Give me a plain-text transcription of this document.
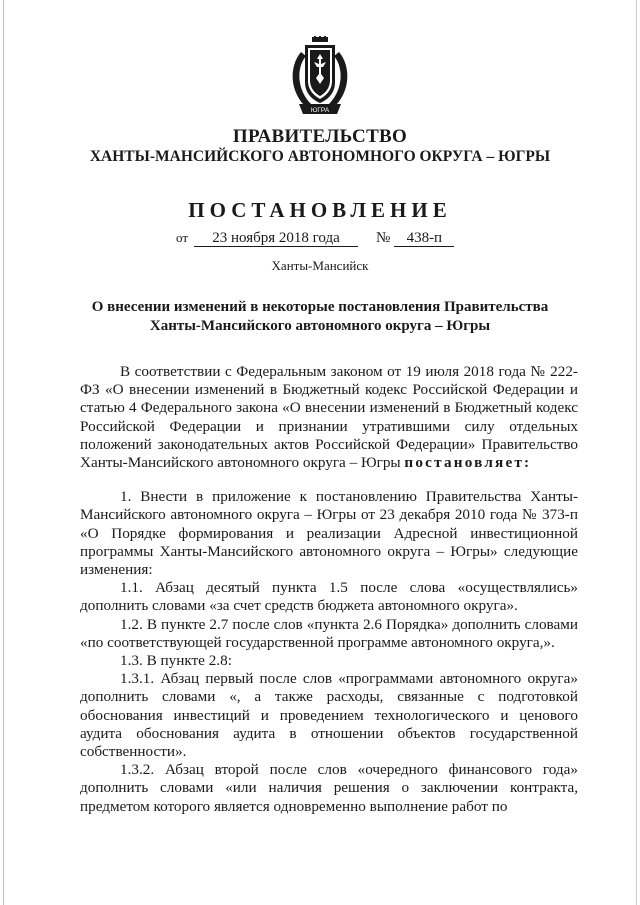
ЮГРА
ПРАВИТЕЛЬСТВО
ХАНТЫ-МАНСИЙСКОГО АВТОНОМНОГО ОКРУГА – ЮГРЫ
ПОСТАНОВЛЕНИЕ
от 23 ноября 2018 года № 438-п
Ханты-Мансийск
О внесении изменений в некоторые постановления Правительства Ханты-Мансийского автономного округа – Югры

В соответствии с Федеральным законом от 19 июля 2018 года № 222-ФЗ «О внесении изменений в Бюджетный кодекс Российской Федерации и статью 4 Федерального закона «О внесении изменений в Бюджетный кодекс Российской Федерации и признании утратившими силу отдельных положений законодательных актов Российской Федерации» Правительство Ханты-Мансийского автономного округа – Югры постановляет:

1. Внести в приложение к постановлению Правительства Ханты-Мансийского автономного округа – Югры от 23 декабря 2010 года № 373-п «О Порядке формирования и реализации Адресной инвестиционной программы Ханты-Мансийского автономного округа – Югры» следующие изменения:

1.1. Абзац десятый пункта 1.5 после слова «осуществлялись» дополнить словами «за счет средств бюджета автономного округа».

1.2. В пункте 2.7 после слов «пункта 2.6 Порядка» дополнить словами «по соответствующей государственной программе автономного округа,».

1.3. В пункте 2.8:

1.3.1. Абзац первый после слов «программами автономного округа» дополнить словами «, а также расходы, связанные с подготовкой обоснования инвестиций и проведением технологического и ценового аудита обоснования аудита в отношении объектов государственной собственности».

1.3.2. Абзац второй после слов «очередного финансового года» дополнить словами «или наличия решения о заключении контракта, предметом которого является одновременно выполнение работ по
